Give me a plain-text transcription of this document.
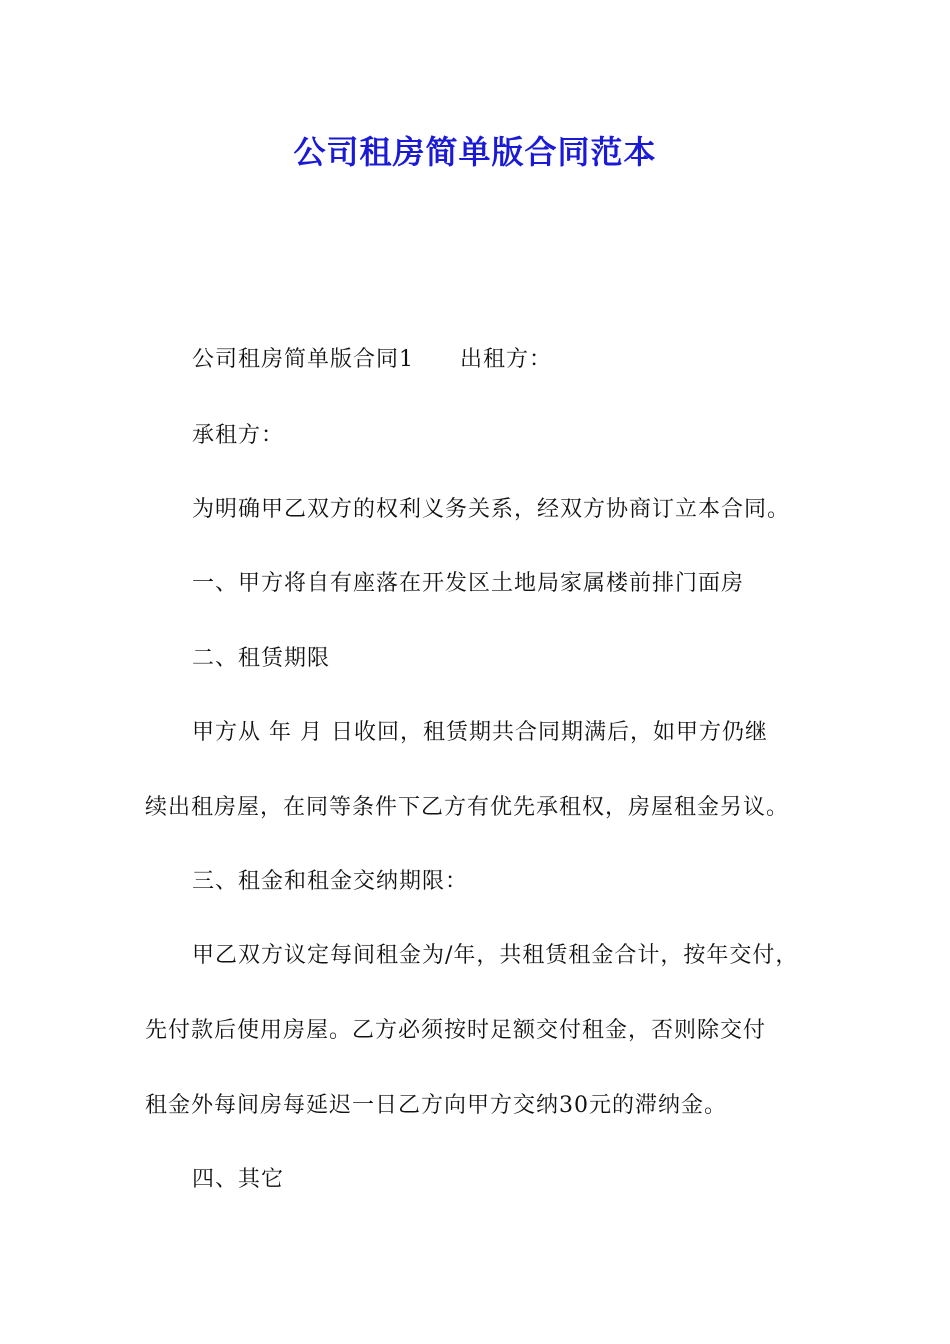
公司租房简单版合同范本
公司租房简单版合同1 出租方：
承租方：
为明确甲乙双方的权利义务关系，经双方协商订立本合同。
一、甲方将自有座落在开发区土地局家属楼前排门面房
二、租赁期限
甲方从 年 月 日收回，租赁期共合同期满后，如甲方仍继
续出租房屋，在同等条件下乙方有优先承租权，房屋租金另议。
三、租金和租金交纳期限：
甲乙双方议定每间租金为/年，共租赁租金合计，按年交付，
先付款后使用房屋。乙方必须按时足额交付租金，否则除交付
租金外每间房每延迟一日乙方向甲方交纳30元的滞纳金。
四、其它
